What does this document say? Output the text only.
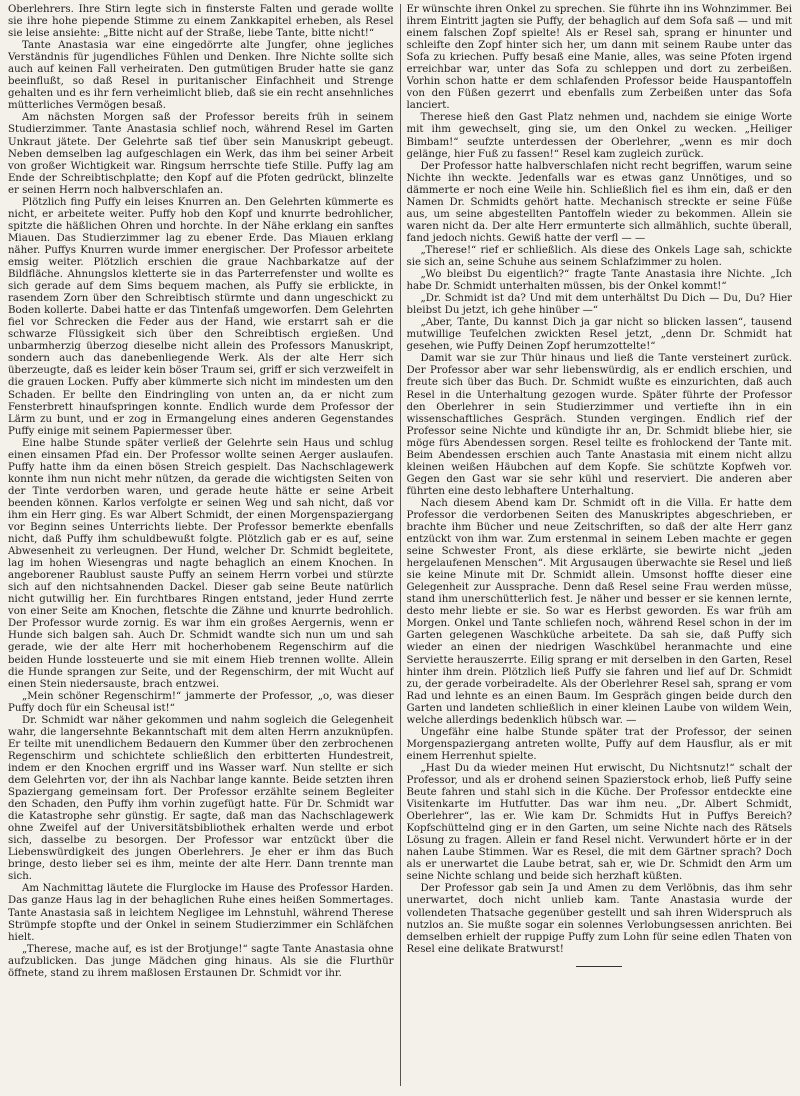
Oberlehrers. Ihre Stirn legte sich in finsterste Falten und gerade wollte sie ihre hohe piepende Stimme zu einem Zankkapitel erheben, als Resel sie leise ansiehte: „Bitte nicht auf der Straße, liebe Tante, bitte nicht!“

Tante Anastasia war eine eingedörrte alte Jungfer, ohne jegliches Verständnis für jugendliches Fühlen und Denken. Ihre Nichte sollte sich auch auf keinen Fall verheiraten. Den gutmütigen Bruder hatte sie ganz beeinflußt, so daß Resel in puritanischer Einfachheit und Strenge gehalten und es ihr fern verheimlicht blieb, daß sie ein recht ansehnliches mütterliches Vermögen besaß.

Am nächsten Morgen saß der Professor bereits früh in seinem Studierzimmer. Tante Anastasia schlief noch, während Resel im Garten Unkraut jätete. Der Gelehrte saß tief über sein Manuskript gebeugt. Neben demselben lag aufgeschlagen ein Werk, das ihm bei seiner Arbeit von großer Wichtigkeit war. Ringsum herrschte tiefe Stille. Puffy lag am Ende der Schreibtischplatte; den Kopf auf die Pfoten gedrückt, blinzelte er seinen Herrn noch halbverschlafen an.

Plötzlich fing Puffy ein leises Knurren an. Den Gelehrten kümmerte es nicht, er arbeitete weiter. Puffy hob den Kopf und knurrte bedrohlicher, spitzte die häßlichen Ohren und horchte. In der Nähe erklang ein sanftes Miauen. Das Studierzimmer lag zu ebener Erde. Das Miauen erklang näher. Puffys Knurren wurde immer energischer. Der Professor arbeitete emsig weiter. Plötzlich erschien die graue Nachbarkatze auf der Bildfläche. Ahnungslos kletterte sie in das Parterrefenster und wollte es sich gerade auf dem Sims bequem machen, als Puffy sie erblickte, in rasendem Zorn über den Schreibtisch stürmte und dann ungeschickt zu Boden kollerte. Dabei hatte er das Tintenfaß umgeworfen. Dem Gelehrten fiel vor Schrecken die Feder aus der Hand, wie erstarrt sah er die schwarze Flüssigkeit sich über den Schreibtisch ergießen. Und unbarmherzig überzog dieselbe nicht allein des Professors Manuskript, sondern auch das danebenliegende Werk. Als der alte Herr sich überzeugte, daß es leider kein böser Traum sei, griff er sich verzweifelt in die grauen Locken. Puffy aber kümmerte sich nicht im mindesten um den Schaden. Er bellte den Eindringling von unten an, da er nicht zum Fensterbrett hinaufspringen konnte. Endlich wurde dem Professor der Lärm zu bunt, und er zog in Ermangelung eines anderen Gegenstandes Puffy einige mit seinem Papiermesser über.

Eine halbe Stunde später verließ der Gelehrte sein Haus und schlug einen einsamen Pfad ein. Der Professor wollte seinen Aerger auslaufen. Puffy hatte ihm da einen bösen Streich gespielt. Das Nachschlagewerk konnte ihm nun nicht mehr nützen, da gerade die wichtigsten Seiten von der Tinte verdorben waren, und gerade heute hätte er seine Arbeit beenden können. Karlos verfolgte er seinen Weg und sah nicht, daß vor ihm ein Herr ging. Es war Albert Schmidt, der einen Morgenspaziergang vor Beginn seines Unterrichts liebte. Der Professor bemerkte ebenfalls nicht, daß Puffy ihm schuldbewußt folgte. Plötzlich gab er es auf, seine Abwesenheit zu verleugnen. Der Hund, welcher Dr. Schmidt begleitete, lag im hohen Wiesengras und nagte behaglich an einem Knochen. In angeborener Raublust sauste Puffy an seinem Herrn vorbei und stürzte sich auf den nichtsahnenden Dackel. Dieser gab seine Beute natürlich nicht gutwillig her. Ein furchtbares Ringen entstand, jeder Hund zerrte von einer Seite am Knochen, fletschte die Zähne und knurrte bedrohlich. Der Professor wurde zornig. Es war ihm ein großes Aergernis, wenn er Hunde sich balgen sah. Auch Dr. Schmidt wandte sich nun um und sah gerade, wie der alte Herr mit hocherhobenem Regenschirm auf die beiden Hunde lossteuerte und sie mit einem Hieb trennen wollte. Allein die Hunde sprangen zur Seite, und der Regenschirm, der mit Wucht auf einen Stein niedersauste, brach entzwei.

„Mein schöner Regenschirm!“ jammerte der Professor, „o, was dieser Puffy doch für ein Scheusal ist!“

Dr. Schmidt war näher gekommen und nahm sogleich die Gelegenheit wahr, die langersehnte Bekanntschaft mit dem alten Herrn anzuknüpfen. Er teilte mit unendlichem Bedauern den Kummer über den zerbrochenen Regenschirm und schichtete schließlich den erbitterten Hundestreit, indem er den Knochen ergriff und ins Wasser warf. Nun stellte er sich dem Gelehrten vor, der ihn als Nachbar lange kannte. Beide setzten ihren Spaziergang gemeinsam fort. Der Professor erzählte seinem Begleiter den Schaden, den Puffy ihm vorhin zugefügt hatte. Für Dr. Schmidt war die Katastrophe sehr günstig. Er sagte, daß man das Nachschlagewerk ohne Zweifel auf der Universitätsbibliothek erhalten werde und erbot sich, dasselbe zu besorgen. Der Professor war entzückt über die Liebenswürdigkeit des jungen Oberlehrers. Je eher er ihm das Buch bringe, desto lieber sei es ihm, meinte der alte Herr. Dann trennte man sich.

Am Nachmittag läutete die Flurglocke im Hause des Professor Harden. Das ganze Haus lag in der behaglichen Ruhe eines heißen Sommertages. Tante Anastasia saß in leichtem Negligee im Lehnstuhl, während Therese Strümpfe stopfte und der Onkel in seinem Studierzimmer ein Schläfchen hielt.

„Therese, mache auf, es ist der Brotjunge!“ sagte Tante Anastasia ohne aufzublicken. Das junge Mädchen ging hinaus. Als sie die Flurthür öffnete, stand zu ihrem maßlosen Erstaunen Dr. Schmidt vor ihr.

Er wünschte ihren Onkel zu sprechen. Sie führte ihn ins Wohnzimmer. Bei ihrem Eintritt jagten sie Puffy, der behaglich auf dem Sofa saß — und mit einem falschen Zopf spielte! Als er Resel sah, sprang er hinunter und schleifte den Zopf hinter sich her, um dann mit seinem Raube unter das Sofa zu kriechen. Puffy besaß eine Manie, alles, was seine Pfoten irgend erreichbar war, unter das Sofa zu schleppen und dort zu zerbeißen. Vorhin schon hatte er dem schlafenden Professor beide Hauspantoffeln von den Füßen gezerrt und ebenfalls zum Zerbeißen unter das Sofa lanciert.

Therese hieß den Gast Platz nehmen und, nachdem sie einige Worte mit ihm gewechselt, ging sie, um den Onkel zu wecken. „Heiliger Bimbam!“ seufzte unterdessen der Oberlehrer, „wenn es mir doch gelänge, hier Fuß zu fassen!“ Resel kam zugleich zurück.

Der Professor hatte halbverschlafen nicht recht begriffen, warum seine Nichte ihn weckte. Jedenfalls war es etwas ganz Unnötiges, und so dämmerte er noch eine Weile hin. Schließlich fiel es ihm ein, daß er den Namen Dr. Schmidts gehört hatte. Mechanisch streckte er seine Füße aus, um seine abgestellten Pantoffeln wieder zu bekommen. Allein sie waren nicht da. Der alte Herr ermunterte sich allmählich, suchte überall, fand jedoch nichts. Gewiß hatte der verfl — —

„Therese!“ rief er schließlich. Als diese des Onkels Lage sah, schickte sie sich an, seine Schuhe aus seinem Schlafzimmer zu holen.

„Wo bleibst Du eigentlich?“ fragte Tante Anastasia ihre Nichte. „Ich habe Dr. Schmidt unterhalten müssen, bis der Onkel kommt!“

„Dr. Schmidt ist da? Und mit dem unterhältst Du Dich — Du, Du? Hier bleibst Du jetzt, ich gehe hinüber —“

„Aber, Tante, Du kannst Dich ja gar nicht so blicken lassen“, tausend mutwillige Teufelchen zwickten Resel jetzt, „denn Dr. Schmidt hat gesehen, wie Puffy Deinen Zopf herumzottelte!“

Damit war sie zur Thür hinaus und ließ die Tante versteinert zurück. Der Professor aber war sehr liebenswürdig, als er endlich erschien, und freute sich über das Buch. Dr. Schmidt wußte es einzurichten, daß auch Resel in die Unterhaltung gezogen wurde. Später führte der Professor den Oberlehrer in sein Studierzimmer und vertiefte ihn in ein wissenschaftliches Gespräch. Stunden vergingen. Endlich rief der Professor seine Nichte und kündigte ihr an, Dr. Schmidt bliebe hier, sie möge fürs Abendessen sorgen. Resel teilte es frohlockend der Tante mit. Beim Abendessen erschien auch Tante Anastasia mit einem nicht allzu kleinen weißen Häubchen auf dem Kopfe. Sie schützte Kopfweh vor. Gegen den Gast war sie sehr kühl und reserviert. Die anderen aber führten eine desto lebhaftere Unterhaltung.

Nach diesem Abend kam Dr. Schmidt oft in die Villa. Er hatte dem Professor die verdorbenen Seiten des Manuskriptes abgeschrieben, er brachte ihm Bücher und neue Zeitschriften, so daß der alte Herr ganz entzückt von ihm war. Zum erstenmal in seinem Leben machte er gegen seine Schwester Front, als diese erklärte, sie bewirte nicht „jeden hergelaufenen Menschen“. Mit Argusaugen überwachte sie Resel und ließ sie keine Minute mit Dr. Schmidt allein. Umsonst hoffte dieser eine Gelegenheit zur Aussprache. Denn daß Resel seine Frau werden müsse, stand ihm unerschütterlich fest. Je näher und besser er sie kennen lernte, desto mehr liebte er sie. So war es Herbst geworden. Es war früh am Morgen. Onkel und Tante schliefen noch, während Resel schon in der im Garten gelegenen Waschküche arbeitete. Da sah sie, daß Puffy sich wieder an einen der niedrigen Waschkübel heranmachte und eine Serviette herauszerrte. Eilig sprang er mit derselben in den Garten, Resel hinter ihm drein. Plötzlich ließ Puffy sie fahren und lief auf Dr. Schmidt zu, der gerade vorbeiradelte. Als der Oberlehrer Resel sah, sprang er vom Rad und lehnte es an einen Baum. Im Gespräch gingen beide durch den Garten und landeten schließlich in einer kleinen Laube von wildem Wein, welche allerdings bedenklich hübsch war. —

Ungefähr eine halbe Stunde später trat der Professor, der seinen Morgenspaziergang antreten wollte, Puffy auf dem Hausflur, als er mit einem Herrenhut spielte.

„Hast Du da wieder meinen Hut erwischt, Du Nichtsnutz!“ schalt der Professor, und als er drohend seinen Spazierstock erhob, ließ Puffy seine Beute fahren und stahl sich in die Küche. Der Professor entdeckte eine Visitenkarte im Hutfutter. Das war ihm neu. „Dr. Albert Schmidt, Oberlehrer“, las er. Wie kam Dr. Schmidts Hut in Puffys Bereich? Kopfschüttelnd ging er in den Garten, um seine Nichte nach des Rätsels Lösung zu fragen. Allein er fand Resel nicht. Verwundert hörte er in der nahen Laube Stimmen. War es Resel, die mit dem Gärtner sprach? Doch als er unerwartet die Laube betrat, sah er, wie Dr. Schmidt den Arm um seine Nichte schlang und beide sich herzhaft küßten.

Der Professor gab sein Ja und Amen zu dem Verlöbnis, das ihm sehr unerwartet, doch nicht unlieb kam. Tante Anastasia wurde der vollendeten Thatsache gegenüber gestellt und sah ihren Widerspruch als nutzlos an. Sie mußte sogar ein solennes Verlobungsessen anrichten. Bei demselben erhielt der ruppige Puffy zum Lohn für seine edlen Thaten von Resel eine delikate Bratwurst!
